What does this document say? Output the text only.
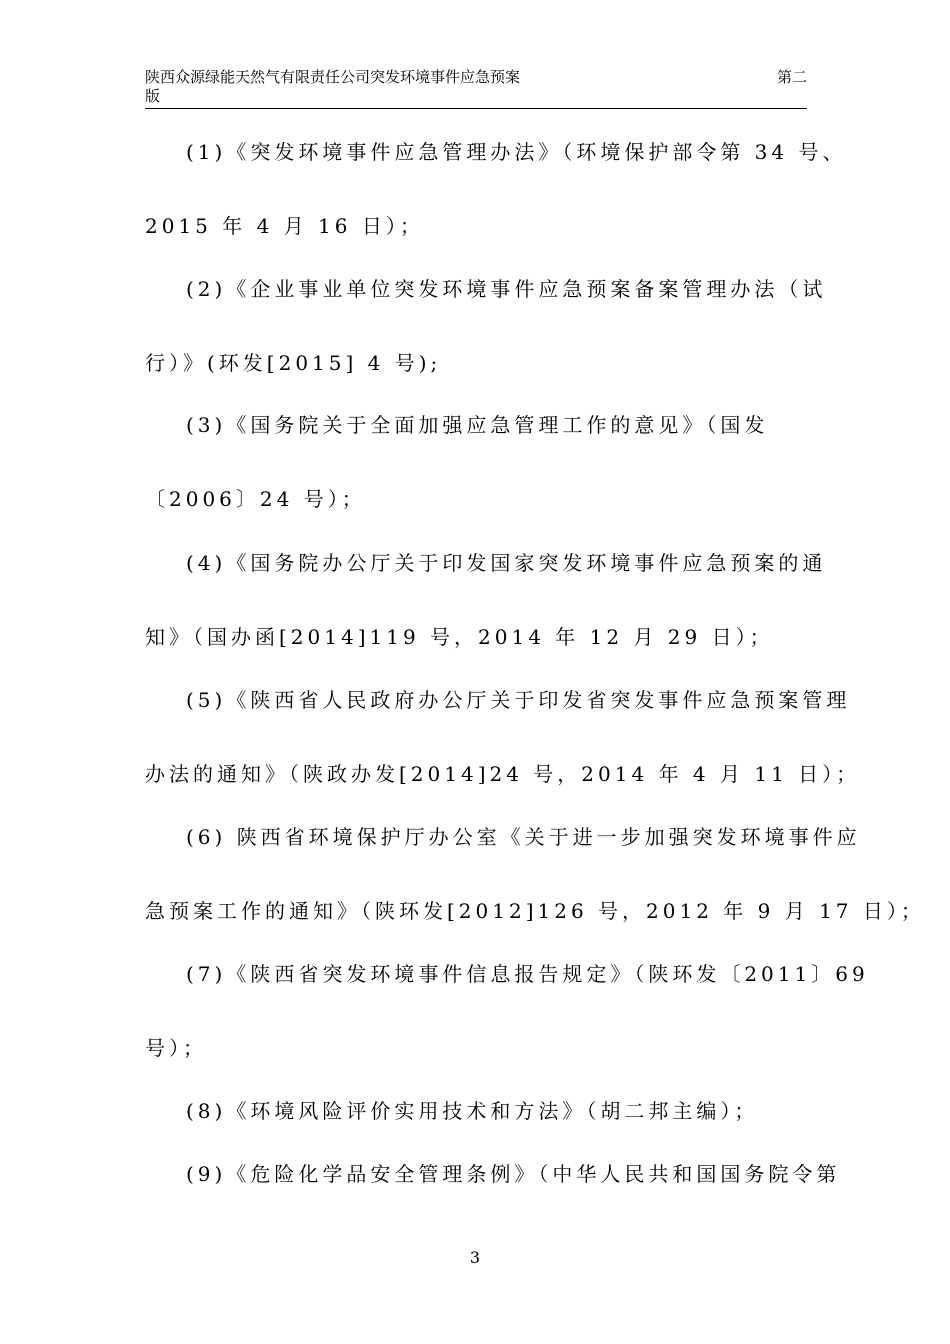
陕西众源绿能天然气有限责任公司突发环境事件应急预案
版
第二
(1)《突发环境事件应急管理办法》（环境保护部令第 34 号、
2015 年 4 月 16 日）；
(2)《企业事业单位突发环境事件应急预案备案管理办法（试
行）》(环发[2015] 4 号);
(3)《国务院关于全面加强应急管理工作的意见》（国发
〔2006〕24 号）；
(4)《国务院办公厅关于印发国家突发环境事件应急预案的通
知》（国办函[2014]119 号，2014 年 12 月 29 日）；
(5)《陕西省人民政府办公厅关于印发省突发事件应急预案管理
办法的通知》（陕政办发[2014]24 号，2014 年 4 月 11 日）；
(6) 陕西省环境保护厅办公室《关于进一步加强突发环境事件应
急预案工作的通知》（陕环发[2012]126 号，2012 年 9 月 17 日）；
(7)《陕西省突发环境事件信息报告规定》（陕环发〔2011〕69
号）；
(8)《环境风险评价实用技术和方法》（胡二邦主编）；
(9)《危险化学品安全管理条例》（中华人民共和国国务院令第
3
